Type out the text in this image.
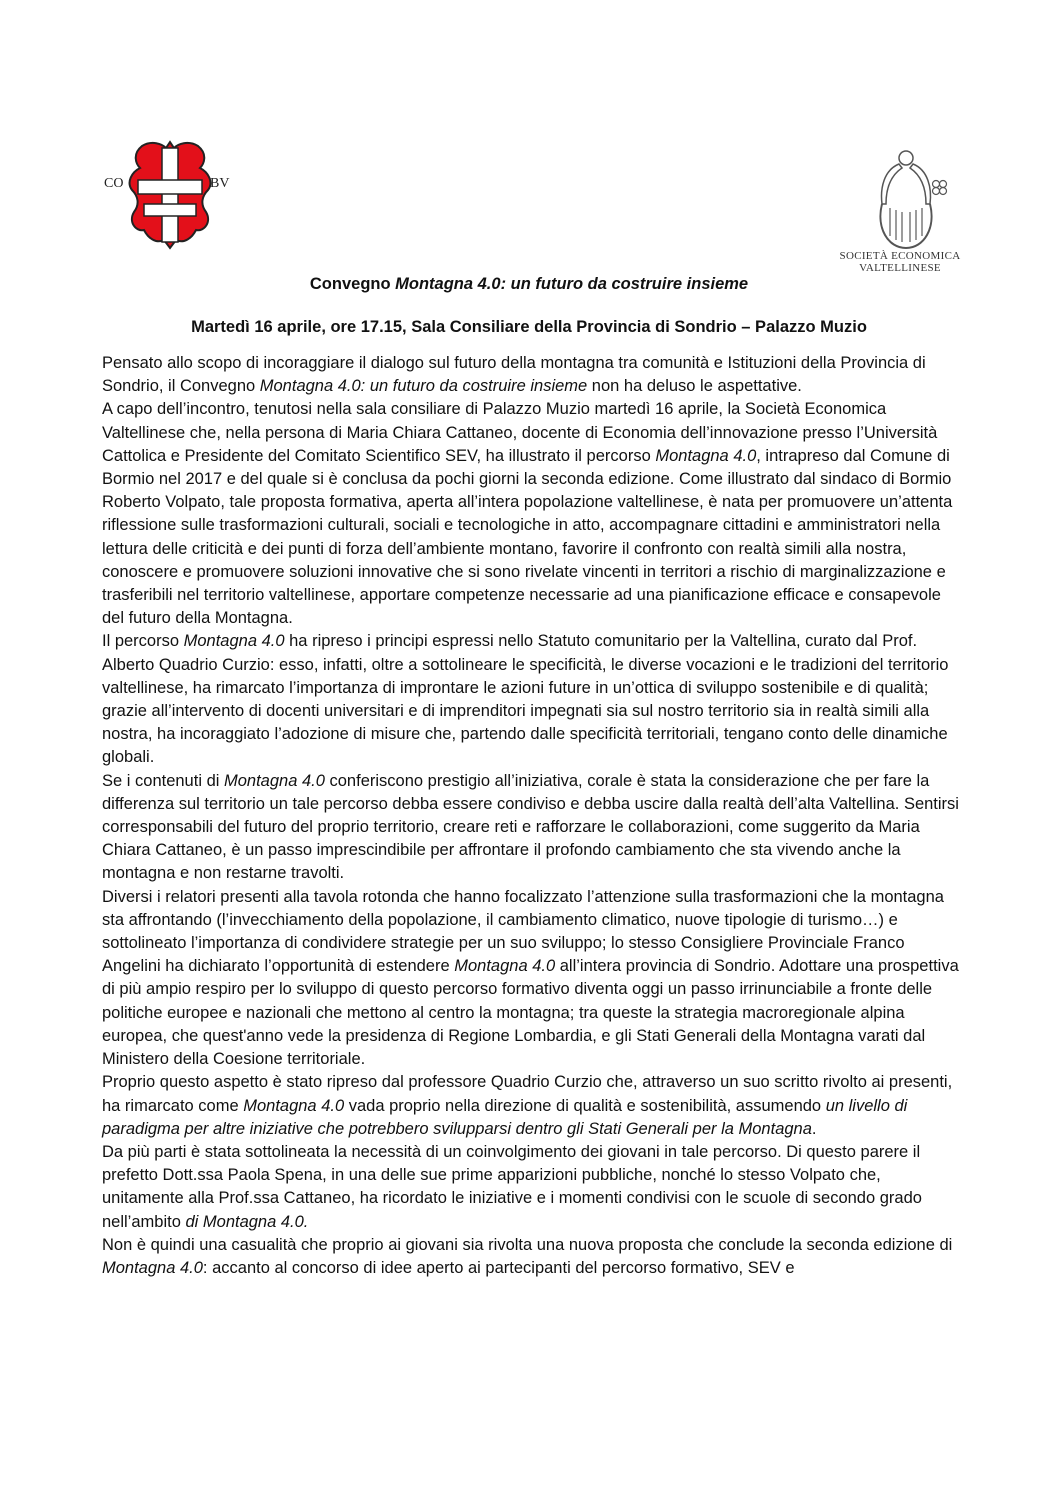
CO	BV
SOCIETÀ ECONOMICA
VALTELLINESE
Convegno Montagna 4.0: un futuro da costruire insieme
Martedì 16 aprile, ore 17.15, Sala Consiliare della Provincia di Sondrio – Palazzo Muzio

Pensato allo scopo di incoraggiare il dialogo sul futuro della montagna tra comunità e Istituzioni della Provincia di Sondrio, il Convegno Montagna 4.0: un futuro da costruire insieme non ha deluso le aspettative.

A capo dell’incontro, tenutosi nella sala consiliare di Palazzo Muzio martedì 16 aprile, la Società Economica Valtellinese che, nella persona di Maria Chiara Cattaneo, docente di Economia dell’innovazione presso l’Università Cattolica e Presidente del Comitato Scientifico SEV, ha illustrato il percorso Montagna 4.0, intrapreso dal Comune di Bormio nel 2017 e del quale si è conclusa da pochi giorni la seconda edizione. Come illustrato dal sindaco di Bormio Roberto Volpato, tale proposta formativa, aperta all’intera popolazione valtellinese, è nata per promuovere un’attenta riflessione sulle trasformazioni culturali, sociali e tecnologiche in atto, accompagnare cittadini e amministratori nella lettura delle criticità e dei punti di forza dell’ambiente montano, favorire il confronto con realtà simili alla nostra, conoscere e promuovere soluzioni innovative che si sono rivelate vincenti in territori a rischio di marginalizzazione e trasferibili nel territorio valtellinese, apportare competenze necessarie ad una pianificazione efficace e consapevole del futuro della Montagna.

Il percorso Montagna 4.0 ha ripreso i principi espressi nello Statuto comunitario per la Valtellina, curato dal Prof. Alberto Quadrio Curzio: esso, infatti, oltre a sottolineare le specificità, le diverse vocazioni e le tradizioni del territorio valtellinese, ha rimarcato l’importanza di improntare le azioni future in un’ottica di sviluppo sostenibile e di qualità; grazie all’intervento di docenti universitari e di imprenditori impegnati sia sul nostro territorio sia in realtà simili alla nostra, ha incoraggiato l’adozione di misure che, partendo dalle specificità territoriali, tengano conto delle dinamiche globali.

Se i contenuti di Montagna 4.0 conferiscono prestigio all’iniziativa, corale è stata la considerazione che per fare la differenza sul territorio un tale percorso debba essere condiviso e debba uscire dalla realtà dell’alta Valtellina. Sentirsi corresponsabili del futuro del proprio territorio, creare reti e rafforzare le collaborazioni, come suggerito da Maria Chiara Cattaneo, è un passo imprescindibile per affrontare il profondo cambiamento che sta vivendo anche la montagna e non restarne travolti.

Diversi i relatori presenti alla tavola rotonda che hanno focalizzato l’attenzione sulla trasformazioni che la montagna sta affrontando (l’invecchiamento della popolazione, il cambiamento climatico, nuove tipologie di turismo…) e sottolineato l’importanza di condividere strategie per un suo sviluppo; lo stesso Consigliere Provinciale Franco Angelini ha dichiarato l’opportunità di estendere Montagna 4.0 all’intera provincia di Sondrio. Adottare una prospettiva di più ampio respiro per lo sviluppo di questo percorso formativo diventa oggi un passo irrinunciabile a fronte delle politiche europee e nazionali che mettono al centro la montagna; tra queste la strategia macroregionale alpina europea, che quest'anno vede la presidenza di Regione Lombardia, e gli Stati Generali della Montagna varati dal Ministero della Coesione territoriale.

Proprio questo aspetto è stato ripreso dal professore Quadrio Curzio che, attraverso un suo scritto rivolto ai presenti, ha rimarcato come Montagna 4.0 vada proprio nella direzione di qualità e sostenibilità, assumendo un livello di paradigma per altre iniziative che potrebbero svilupparsi dentro gli Stati Generali per la Montagna.

Da più parti è stata sottolineata la necessità di un coinvolgimento dei giovani in tale percorso. Di questo parere il prefetto Dott.ssa Paola Spena, in una delle sue prime apparizioni pubbliche, nonché lo stesso Volpato che, unitamente alla Prof.ssa Cattaneo, ha ricordato le iniziative e i momenti condivisi con le scuole di secondo grado nell’ambito di Montagna 4.0.

Non è quindi una casualità che proprio ai giovani sia rivolta una nuova proposta che conclude la seconda edizione di Montagna 4.0: accanto al concorso di idee aperto ai partecipanti del percorso formativo, SEV e
